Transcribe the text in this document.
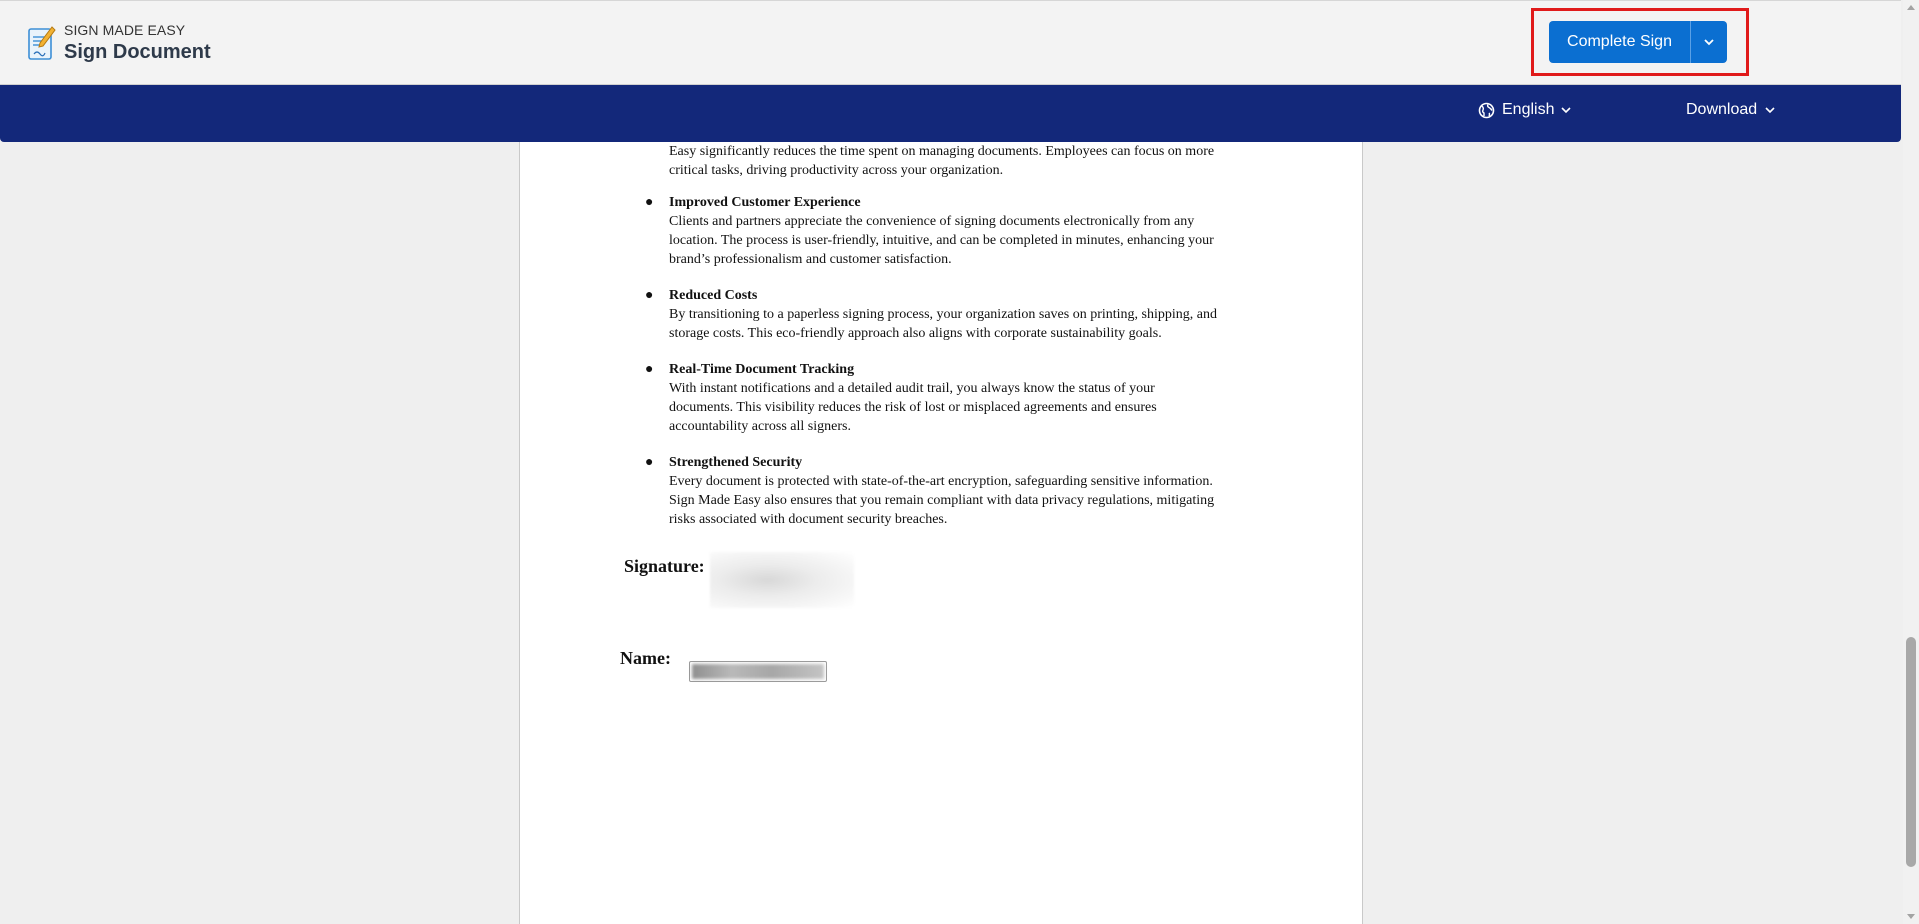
SIGN MADE EASY
Sign Document	Complete Sign
English	Download
Easy significantly reduces the time spent on managing documents. Employees can focus on more
critical tasks, driving productivity across your organization.
● Improved Customer Experience
Clients and partners appreciate the convenience of signing documents electronically from any
location. The process is user-friendly, intuitive, and can be completed in minutes, enhancing your
brand’s professionalism and customer satisfaction.
● Reduced Costs
By transitioning to a paperless signing process, your organization saves on printing, shipping, and
storage costs. This eco-friendly approach also aligns with corporate sustainability goals.
● Real-Time Document Tracking
With instant notifications and a detailed audit trail, you always know the status of your
documents. This visibility reduces the risk of lost or misplaced agreements and ensures
accountability across all signers.
● Strengthened Security
Every document is protected with state-of-the-art encryption, safeguarding sensitive information.
Sign Made Easy also ensures that you remain compliant with data privacy regulations, mitigating
risks associated with document security breaches.
Signature:
Name:
